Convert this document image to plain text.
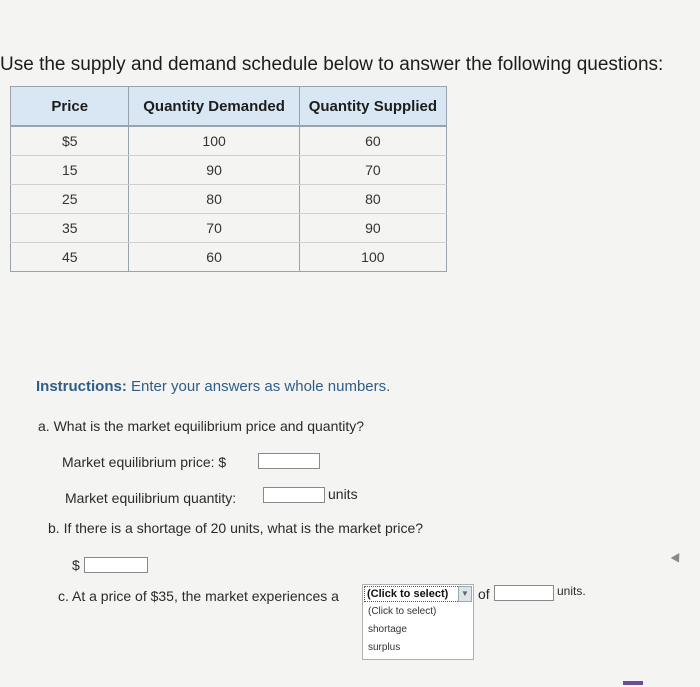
Use the supply and demand schedule below to answer the following questions:
Price	Quantity Demanded	Quantity Supplied
$5	100	60
15	90	70
25	80	80
35	70	90
45	60	100
Instructions: Enter your answers as whole numbers.
a. What is the market equilibrium price and quantity?
Market equilibrium price: $
Market equilibrium quantity:	units
b. If there is a shortage of 20 units, what is the market price?
$
c. At a price of $35, the market experiences a	(Click to select)	▼
(Click to select)
shortage
surplus
of	units.
